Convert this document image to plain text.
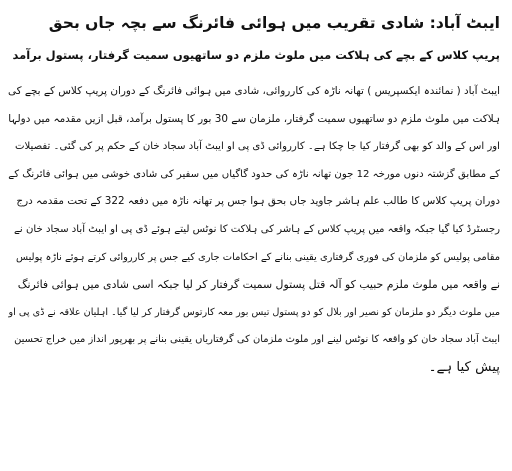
ایبٹ آباد: شادی تقریب میں ہوائی فائرنگ سے بچہ جاں بحق
پریپ کلاس کے بچے کی ہلاکت میں ملوث ملزم دو ساتھیوں سمیت گرفتار، پستول برآمد
ایبٹ آباد ( نمائندہ ایکسپریس ) تھانہ ناڑہ کی کارروائی، شادی میں ہوائی فائرنگ کے دوران پریپ کلاس کے بچے کی
ہلاکت میں ملوث ملزم دو ساتھیوں سمیت گرفتار، ملزمان سے 30 بور کا پستول برآمد، قبل ازیں مقدمہ میں دولہا
اور اس کے والد کو بھی گرفتار کیا جا چکا ہے۔ کارروائی ڈی پی او ایبٹ آباد سجاد خان کے حکم پر کی گئی۔ تفصیلات
کے مطابق گزشتہ دنوں مورخہ 12 جون تھانہ ناڑہ کی حدود گاگیاں میں سفیر کی شادی خوشی میں ہوائی فائرنگ کے
دوران پریپ کلاس کا طالب علم ہاشر جاوید جاں بحق ہوا جس پر تھانہ ناڑہ میں دفعہ 322 کے تحت مقدمہ درج
رجسٹرڈ کیا گیا جبکہ واقعہ میں پریپ کلاس کے ہاشر کی ہلاکت کا نوٹس لیتے ہوئے ڈی پی او ایبٹ آباد سجاد خان نے
مقامی پولیس کو ملزمان کی فوری گرفتاری یقینی بنانے کے احکامات جاری کیے جس پر کارروائی کرتے ہوئے ناڑہ پولیس
نے واقعہ میں ملوث ملزم حبیب کو آلہ قتل پستول سمیت گرفتار کر لیا جبکہ اسی شادی میں ہوائی فائرنگ
میں ملوث دیگر دو ملزمان کو نصیر اور بلال کو دو پستول تیس بور معہ کارتوس گرفتار کر لیا گیا۔ اہلیان علاقہ نے ڈی پی او
ایبٹ آباد سجاد خان کو واقعہ کا نوٹس لینے اور ملوث ملزمان کی گرفتاریاں یقینی بنانے پر بھرپور انداز میں خراج تحسین
پیش کیا ہے۔
